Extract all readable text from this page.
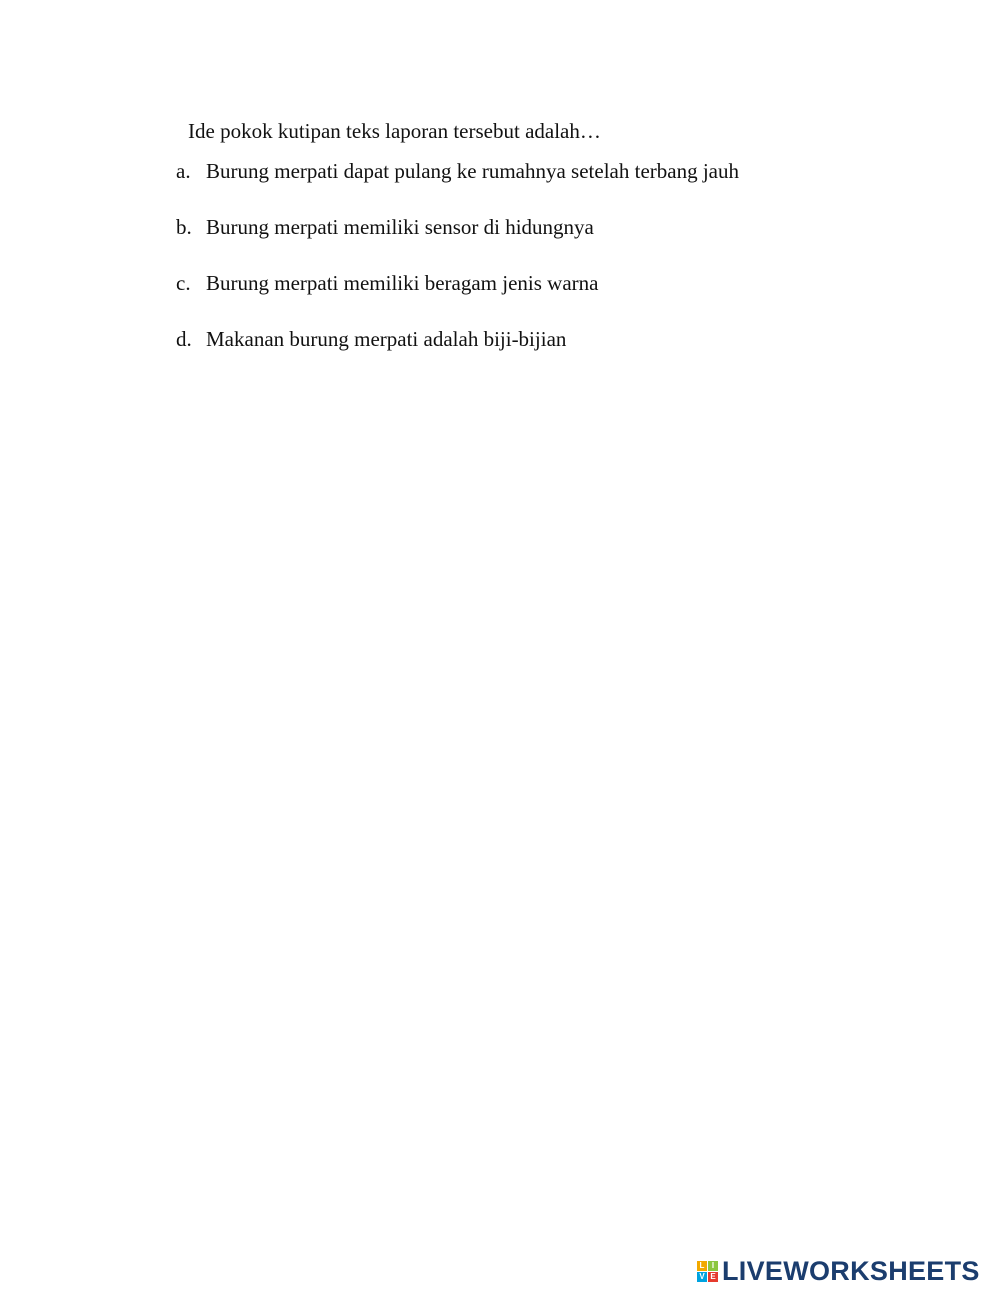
Ide pokok kutipan teks laporan tersebut adalah…
a. Burung merpati dapat pulang ke rumahnya setelah terbang jauh
b. Burung merpati memiliki sensor di hidungnya
c. Burung merpati memiliki beragam jenis warna
d. Makanan burung merpati adalah biji-bijian
L I
V E LIVEWORKSHEETS
